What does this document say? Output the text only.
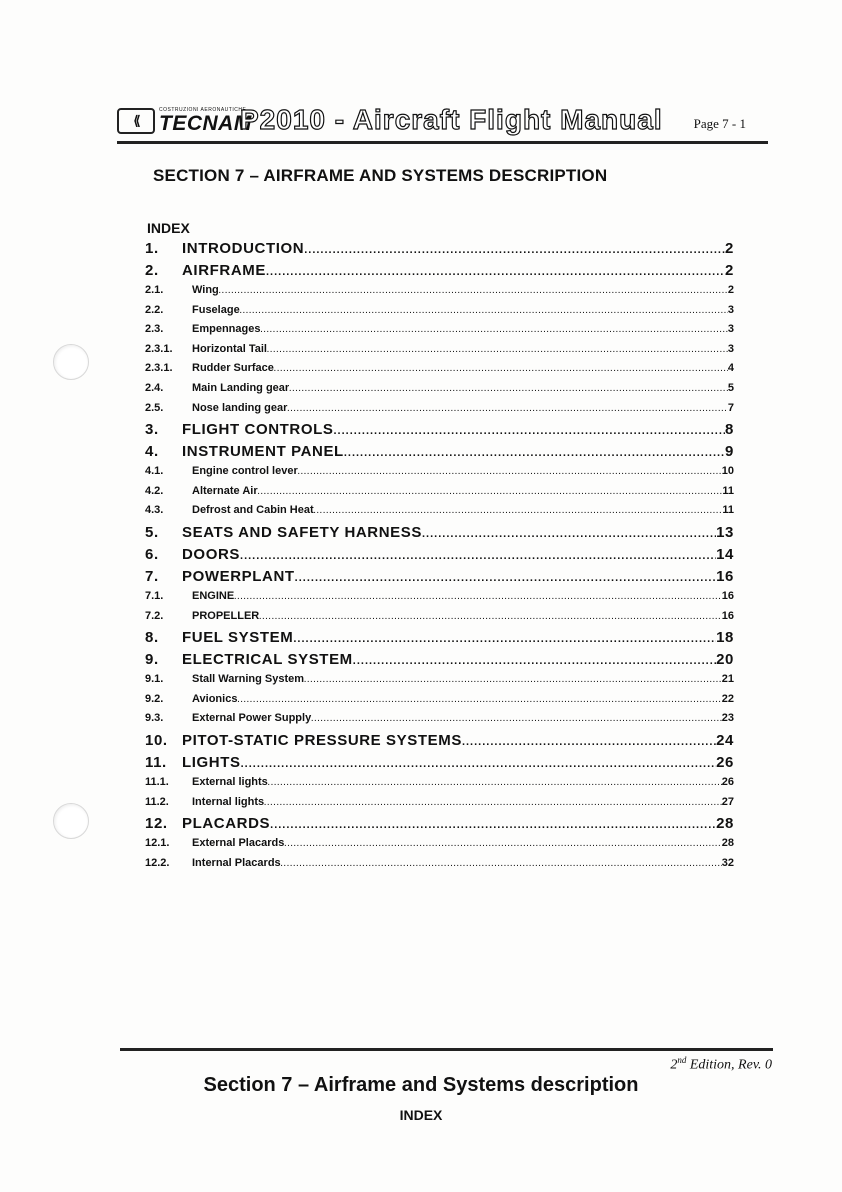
⟪
COSTRUZIONI AERONAUTICHE
TECNAM
P2010 - Aircraft Flight Manual Page 7 - 1
SECTION 7 – AIRFRAME AND SYSTEMS DESCRIPTION
INDEX
1.	INTRODUCTION .....	2
2.	AIRFRAME .....	2
2.1.	Wing .....	2
2.2.	Fuselage .....	3
2.3.	Empennages .....	3
2.3.1.	Horizontal Tail .....	3
2.3.1.	Rudder Surface .....	4
2.4.	Main Landing gear .....	5
2.5.	Nose landing gear .....	7
3.	FLIGHT CONTROLS .....	8
4.	INSTRUMENT PANEL .....	9
4.1.	Engine control lever .....	10
4.2.	Alternate Air .....	11
4.3.	Defrost and Cabin Heat .....	11
5.	SEATS AND SAFETY HARNESS .....	13
6.	DOORS .....	14
7.	POWERPLANT .....	16
7.1.	ENGINE .....	16
7.2.	PROPELLER .....	16
8.	FUEL SYSTEM .....	18
9.	ELECTRICAL SYSTEM .....	20
9.1.	Stall Warning System .....	21
9.2.	Avionics .....	22
9.3.	External Power Supply .....	23
10. PITOT-STATIC PRESSURE SYSTEMS .....	24
11.	LIGHTS .....	26
11.1.	External lights .....	26
11.2.	Internal lights .....	27
12. PLACARDS .....	28
12.1.	External Placards .....	28
12.2.	Internal Placards .....	32
2nd Edition, Rev. 0
Section 7 – Airframe and Systems description
INDEX
